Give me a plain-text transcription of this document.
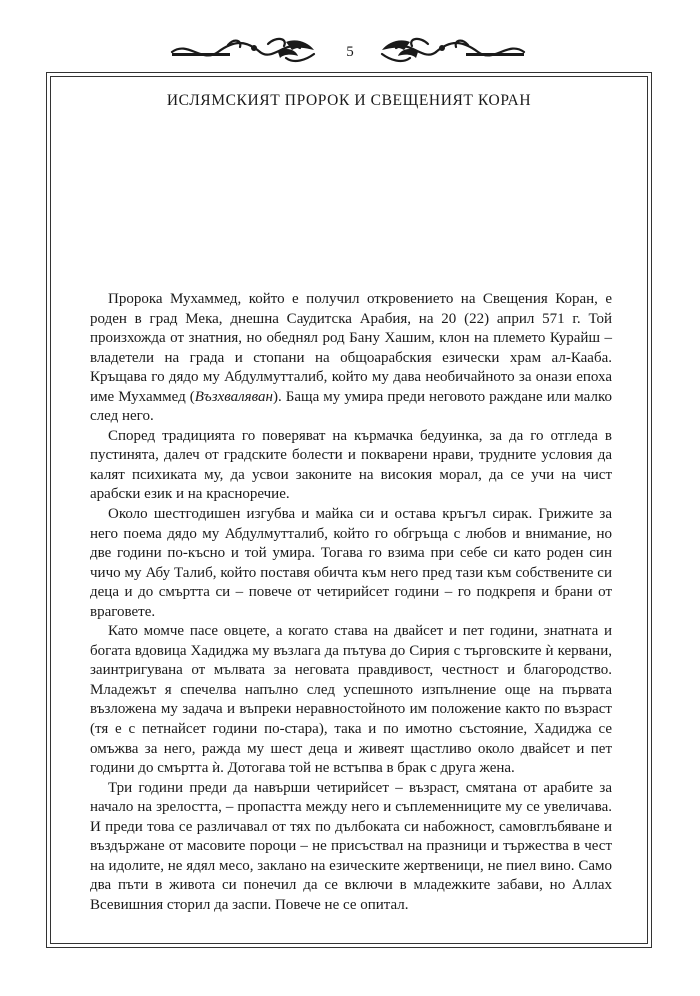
5
ИСЛЯМСКИЯТ ПРОРОК И СВЕЩЕНИЯТ КОРАН

Пророка Мухаммед, който е получил откровението на Свещения Коран, е роден в град Мека, днешна Саудитска Арабия, на 20 (22) април 571 г. Той произхожда от знатния, но обеднял род Бану Хашим, клон на племето Курайш – владетели на града и стопани на общоарабския езически храм ал-Кааба. Кръщава го дядо му Абдулмутталиб, който му дава необичайното за онази епоха име Мухаммед (Възхваляван). Баща му умира преди неговото раждане или малко след него.

Според традицията го поверяват на кърмачка бедуинка, за да го отгледа в пустинята, далеч от градските болести и покварени нрави, трудните условия да калят психиката му, да усвои законите на високия морал, да се учи на чист арабски език и на красноречие.

Около шестгодишен изгубва и майка си и остава кръгъл сирак. Грижите за него поема дядо му Абдулмутталиб, който го обгръща с любов и внимание, но две години по-късно и той умира. Тогава го взима при себе си като роден син чичо му Абу Талиб, който поставя обичта към него пред тази към собствените си деца и до смъртта си – повече от четирийсет години – го подкрепя и брани от враговете.

Като момче пасе овцете, а когато става на двайсет и пет години, знатната и богата вдовица Хадиджа му възлага да пътува до Сирия с търговските ѝ кервани, заинтригувана от мълвата за неговата правдивост, честност и благородство. Младежът я спечелва напълно след успешното изпълнение още на първата възложена му задача и въпреки неравностойното им положение както по възраст (тя е с петнайсет години по-стара), така и по имотно състояние, Хадиджа се омъжва за него, ражда му шест деца и живеят щастливо около двайсет и пет години до смъртта ѝ. Дотогава той не встъпва в брак с друга жена.

Три години преди да навърши четирийсет – възраст, смятана от арабите за начало на зрелостта, – пропастта между него и съплеменниците му се увеличава. И преди това се различавал от тях по дълбоката си набожност, самовглъбяване и въздържане от масовите пороци – не присъствал на празници и тържества в чест на идолите, не ядял месо, заклано на езическите жертвеници, не пиел вино. Само два пъти в живота си понечил да се включи в младежките забави, но Аллах Всевишния сторил да заспи. Повече не се опитал.
